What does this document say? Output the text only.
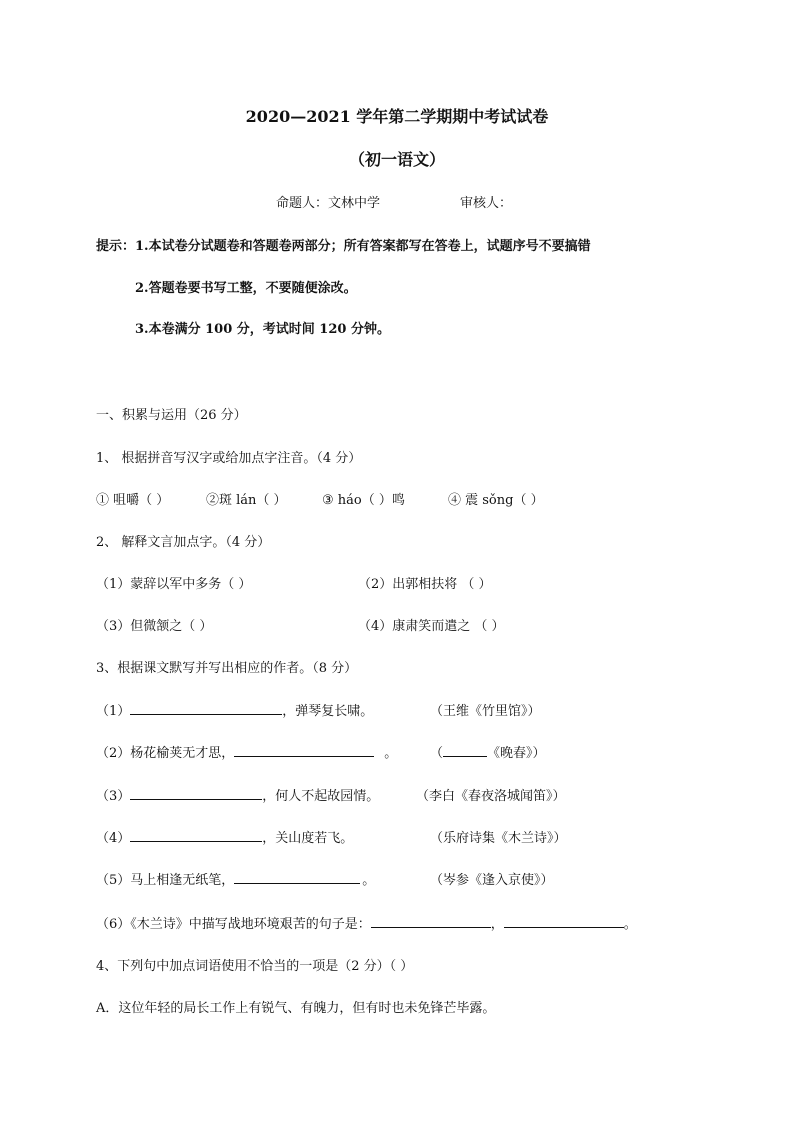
2020—2021 学年第二学期期中考试试卷
（初一语文）
命题人：文林中学	审核人：
提示：1.本试卷分试题卷和答题卷两部分；所有答案都写在答卷上，试题序号不要搞错
2.答题卷要书写工整，不要随便涂改。
3.本卷满分 100 分，考试时间 120 分钟。
一、积累与运用（26 分）
1、 根据拼音写汉字或给加点字注音。（4 分）
① 咀嚼（ ）	②斑 lán（ ）	③ háo（ ）鸣	④ 震 sǒng（ ）
2、 解释文言加点字。（4 分）
（1）蒙辞以军中多务（ ）	（2）出郭相扶将 （ ）
（3）但微颔之（ ）	（4）康肃笑而遣之 （ ）
3、根据课文默写并写出相应的作者。（8 分）
（1）	，弹琴复长啸。	（王维《竹里馆》）
（2）杨花榆荚无才思，	。	（	《晚春》）
（3）	，何人不起故园情。	（李白《春夜洛城闻笛》）
（4）	，关山度若飞。	（乐府诗集《木兰诗》）
（5）马上相逢无纸笔，	。	（岑参《逢入京使》）
（6）《木兰诗》中描写战地环境艰苦的句子是：	，	。
4、下列句中加点词语使用不恰当的一项是（2 分）（ ）
A．这位年轻的局长工作上有锐气、有魄力，但有时也未免锋芒毕露。
